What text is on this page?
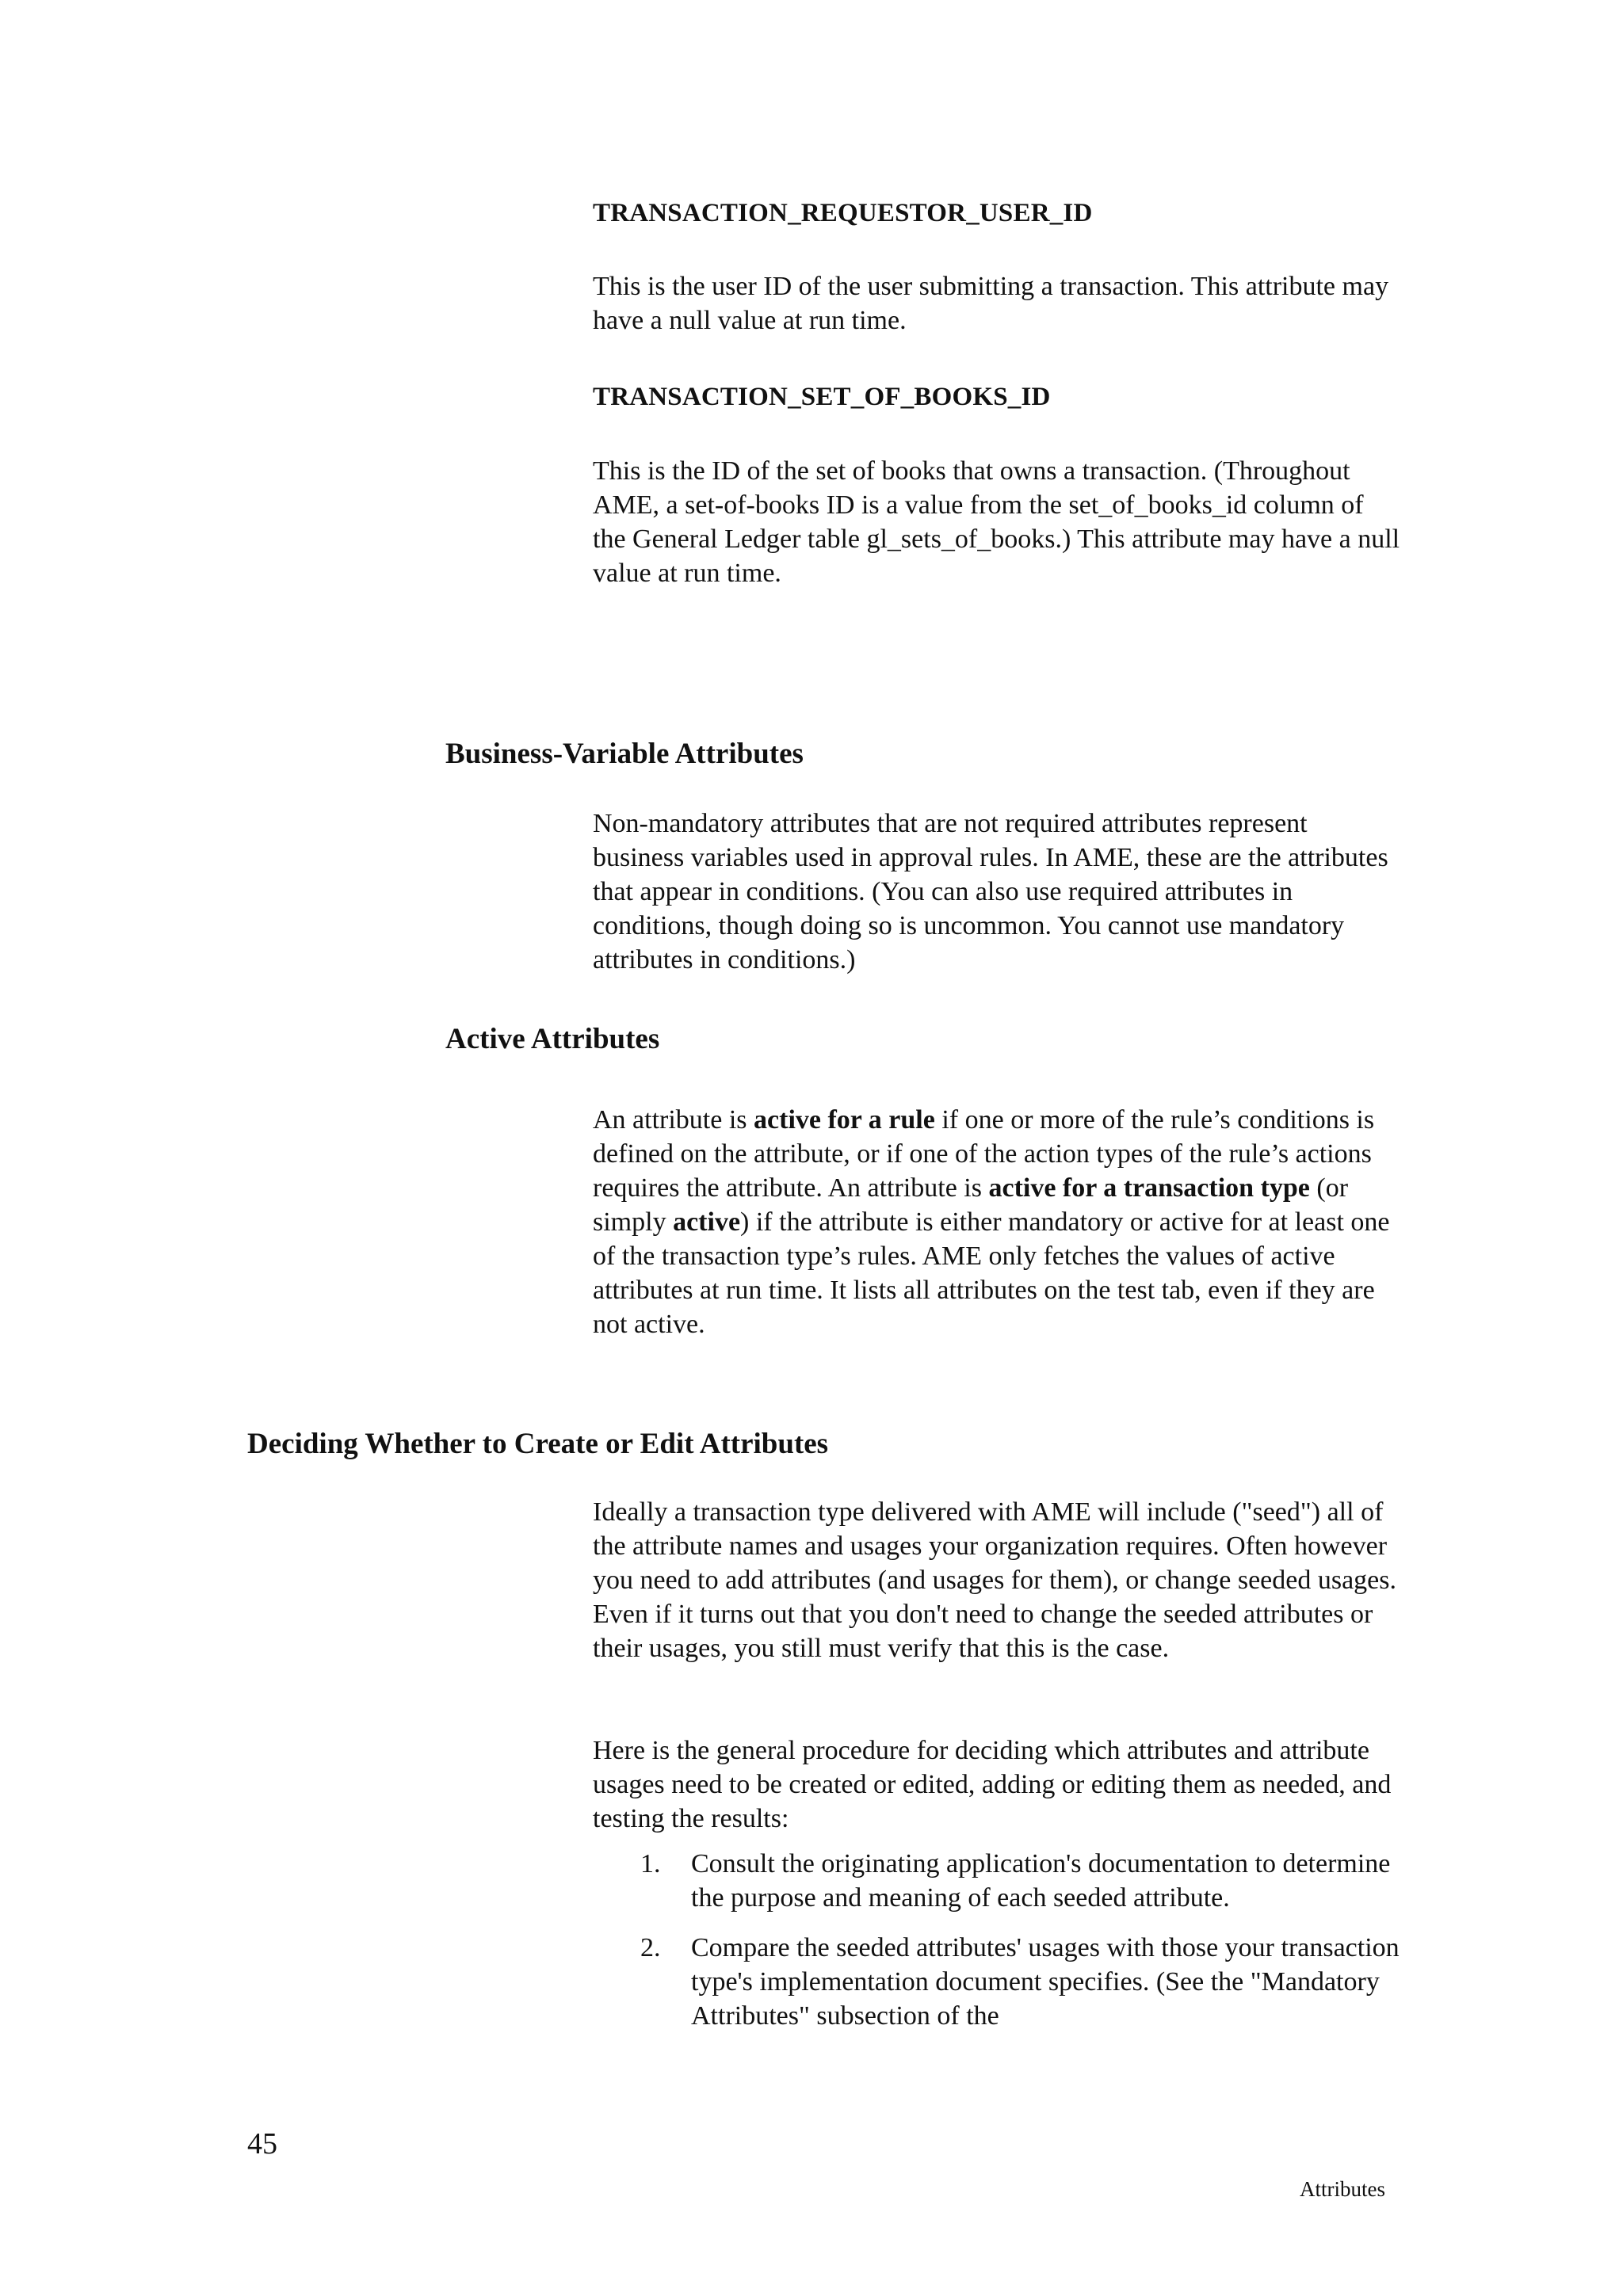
TRANSACTION_REQUESTOR_USER_ID

This is the user ID of the user submitting a transaction. This attribute may have a null value at run time.

TRANSACTION_SET_OF_BOOKS_ID

This is the ID of the set of books that owns a transaction. (Throughout AME, a set-of-books ID is a value from the set_of_books_id column of the General Ledger table gl_sets_of_books.) This attribute may have a null value at run time.

Business-Variable Attributes

Non-mandatory attributes that are not required attributes represent business variables used in approval rules. In AME, these are the attributes that appear in conditions. (You can also use required attributes in conditions, though doing so is uncommon. You cannot use mandatory attributes in conditions.)

Active Attributes

An attribute is active for a rule if one or more of the rule’s conditions is defined on the attribute, or if one of the action types of the rule’s actions requires the attribute. An attribute is active for a transaction type (or simply active) if the attribute is either mandatory or active for at least one of the transaction type’s rules. AME only fetches the values of active attributes at run time. It lists all attributes on the test tab, even if they are not active.

Deciding Whether to Create or Edit Attributes

Ideally a transaction type delivered with AME will include ("seed") all of the attribute names and usages your organization requires. Often however you need to add attributes (and usages for them), or change seeded usages. Even if it turns out that you don't need to change the seeded attributes or their usages, you still must verify that this is the case.

Here is the general procedure for deciding which attributes and attribute usages need to be created or edited, adding or editing them as needed, and testing the results:

1. Consult the originating application's documentation to determine the purpose and meaning of each seeded attribute.
2. Compare the seeded attributes' usages with those your transaction type's implementation document specifies. (See the "Mandatory Attributes" subsection of the
45
Attributes
